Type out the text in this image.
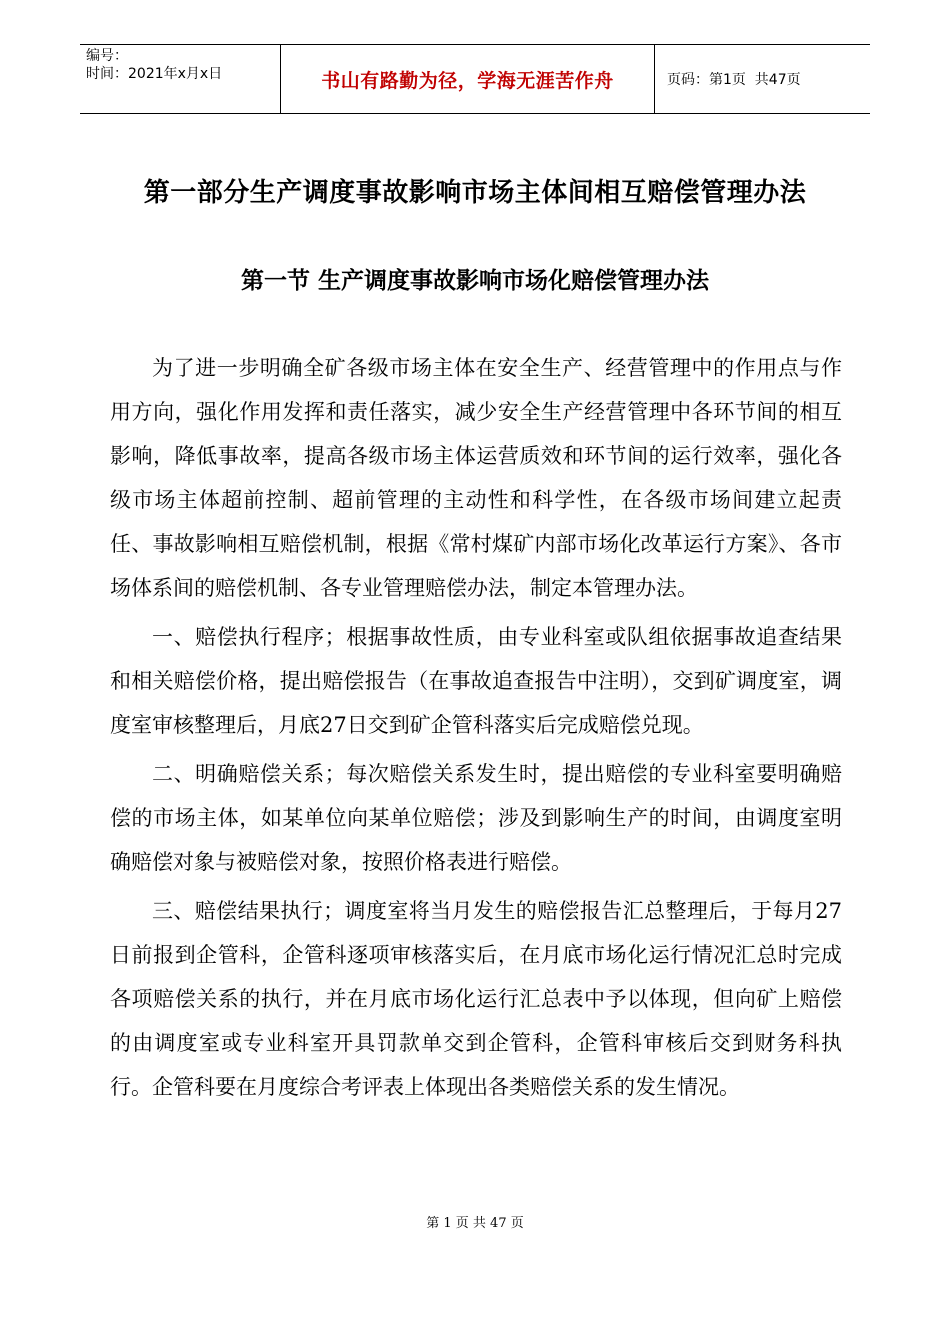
编号：
时间：2021年x月x日	书山有路勤为径，学海无涯苦作舟	页码：第1页  共47页
第一部分生产调度事故影响市场主体间相互赔偿管理办法
第一节 生产调度事故影响市场化赔偿管理办法

为了进一步明确全矿各级市场主体在安全生产、经营管理中的作用点与作用方向，强化作用发挥和责任落实，减少安全生产经营管理中各环节间的相互影响，降低事故率，提高各级市场主体运营质效和环节间的运行效率，强化各级市场主体超前控制、超前管理的主动性和科学性，在各级市场间建立起责任、事故影响相互赔偿机制，根据《常村煤矿内部市场化改革运行方案》、各市场体系间的赔偿机制、各专业管理赔偿办法，制定本管理办法。

一、赔偿执行程序；根据事故性质，由专业科室或队组依据事故追查结果和相关赔偿价格，提出赔偿报告（在事故追查报告中注明），交到矿调度室，调度室审核整理后，月底27日交到矿企管科落实后完成赔偿兑现。

二、明确赔偿关系；每次赔偿关系发生时，提出赔偿的专业科室要明确赔偿的市场主体，如某单位向某单位赔偿；涉及到影响生产的时间，由调度室明确赔偿对象与被赔偿对象，按照价格表进行赔偿。

三、赔偿结果执行；调度室将当月发生的赔偿报告汇总整理后，于每月27日前报到企管科，企管科逐项审核落实后，在月底市场化运行情况汇总时完成各项赔偿关系的执行，并在月底市场化运行汇总表中予以体现，但向矿上赔偿的由调度室或专业科室开具罚款单交到企管科，企管科审核后交到财务科执行。企管科要在月度综合考评表上体现出各类赔偿关系的发生情况。

第 1 页 共 47 页
